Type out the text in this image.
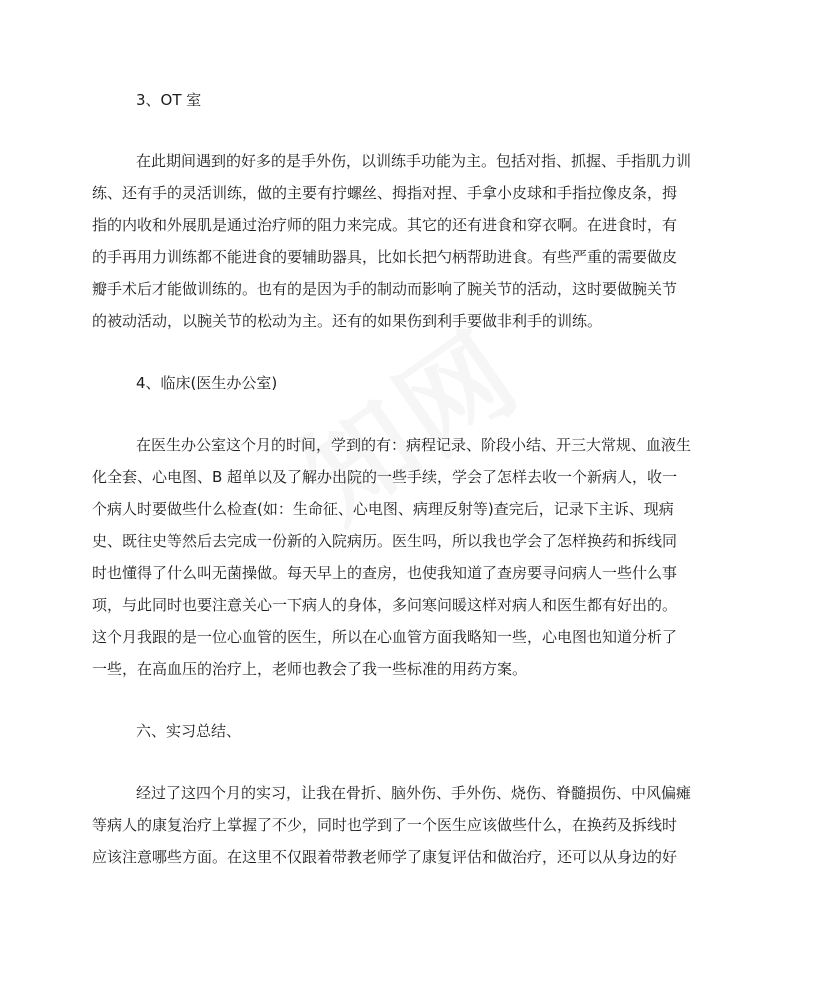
3、OT 室
在此期间遇到的好多的是手外伤，以训练手功能为主。包括对指、抓握、手指肌力训
练、还有手的灵活训练，做的主要有拧螺丝、拇指对捏、手拿小皮球和手指拉像皮条，拇
指的内收和外展肌是通过治疗师的阻力来完成。其它的还有进食和穿衣啊。在进食时，有
的手再用力训练都不能进食的要辅助器具，比如长把勺柄帮助进食。有些严重的需要做皮
瓣手术后才能做训练的。也有的是因为手的制动而影响了腕关节的活动，这时要做腕关节
的被动活动，以腕关节的松动为主。还有的如果伤到利手要做非利手的训练。
4、临床(医生办公室)
在医生办公室这个月的时间，学到的有：病程记录、阶段小结、开三大常规、血液生
化全套、心电图、B 超单以及了解办出院的一些手续，学会了怎样去收一个新病人，收一
个病人时要做些什么检查(如：生命征、心电图、病理反射等)查完后，记录下主诉、现病
史、既往史等然后去完成一份新的入院病历。医生吗，所以我也学会了怎样换药和拆线同
时也懂得了什么叫无菌操做。每天早上的查房，也使我知道了查房要寻问病人一些什么事
项，与此同时也要注意关心一下病人的身体，多问寒问暖这样对病人和医生都有好出的。
这个月我跟的是一位心血管的医生，所以在心血管方面我略知一些，心电图也知道分析了
一些，在高血压的治疗上，老师也教会了我一些标准的用药方案。
六、实习总结、
经过了这四个月的实习，让我在骨折、脑外伤、手外伤、烧伤、脊髓损伤、中风偏瘫
等病人的康复治疗上掌握了不少，同时也学到了一个医生应该做些什么，在换药及拆线时
应该注意哪些方面。在这里不仅跟着带教老师学了康复评估和做治疗，还可以从身边的好
